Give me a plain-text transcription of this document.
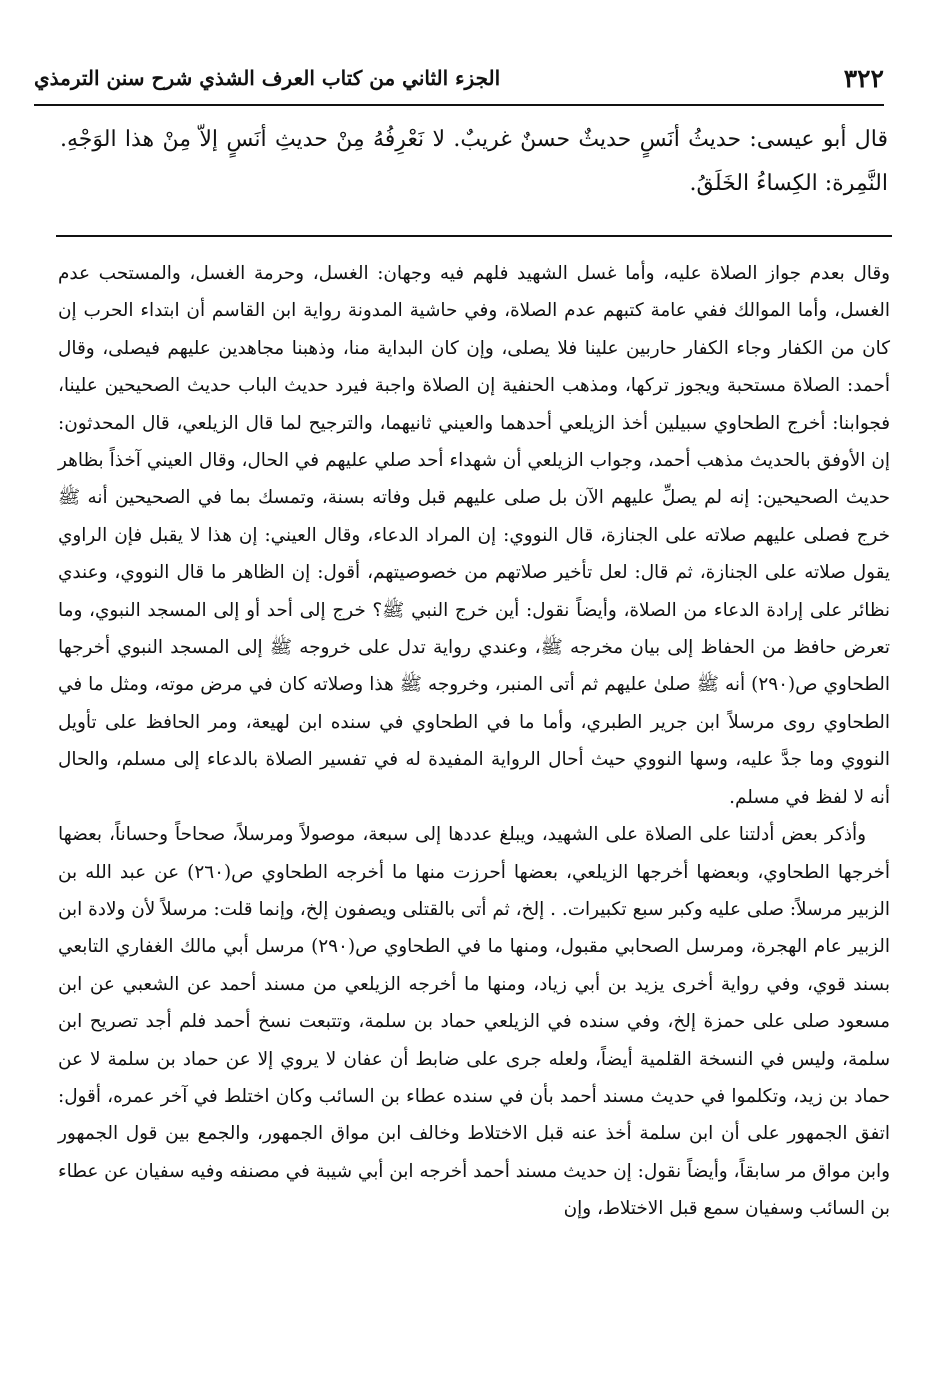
٣٢٢
الجزء الثاني من كتاب العرف الشذي شرح سنن الترمذي

قال أبو عيسى: حديثُ أنَسٍ حديثٌ حسنٌ غريبٌ. لا نَعْرِفُهُ مِنْ حديثِ أنَسٍ إلاّ مِنْ هذا الوَجْهِ. النَّمِرة: الكِساءُ الخَلَقُ.

وقال بعدم جواز الصلاة عليه، وأما غسل الشهيد فلهم فيه وجهان: الغسل، وحرمة الغسل، والمستحب عدم الغسل، وأما الموالك ففي عامة كتبهم عدم الصلاة، وفي حاشية المدونة رواية ابن القاسم أن ابتداء الحرب إن كان من الكفار وجاء الكفار حاربين علينا فلا يصلى، وإن كان البداية منا، وذهبنا مجاهدين عليهم فيصلى، وقال أحمد: الصلاة مستحبة ويجوز تركها، ومذهب الحنفية إن الصلاة واجبة فيرد حديث الباب حديث الصحيحين علينا، فجوابنا: أخرج الطحاوي سبيلين أخذ الزيلعي أحدهما والعيني ثانيهما، والترجيح لما قال الزيلعي، قال المحدثون: إن الأوفق بالحديث مذهب أحمد، وجواب الزيلعي أن شهداء أحد صلي عليهم في الحال، وقال العيني آخذاً بظاهر حديث الصحيحين: إنه لم يصلِّ عليهم الآن بل صلى عليهم قبل وفاته بسنة، وتمسك بما في الصحيحين أنه ﷺ خرج فصلى عليهم صلاته على الجنازة، قال النووي: إن المراد الدعاء، وقال العيني: إن هذا لا يقبل فإن الراوي يقول صلاته على الجنازة، ثم قال: لعل تأخير صلاتهم من خصوصيتهم، أقول: إن الظاهر ما قال النووي، وعندي نظائر على إرادة الدعاء من الصلاة، وأيضاً نقول: أين خرج النبي ﷺ؟ خرج إلى أحد أو إلى المسجد النبوي، وما تعرض حافظ من الحفاظ إلى بيان مخرجه ﷺ، وعندي رواية تدل على خروجه ﷺ إلى المسجد النبوي أخرجها الطحاوي ص(٢٩٠) أنه ﷺ صلىٰ عليهم ثم أتى المنبر، وخروجه ﷺ هذا وصلاته كان في مرض موته، ومثل ما في الطحاوي روى مرسلاً ابن جرير الطبري، وأما ما في الطحاوي في سنده ابن لهيعة، ومر الحافظ على تأويل النووي وما جدَّ عليه، وسها النووي حيث أحال الرواية المفيدة له في تفسير الصلاة بالدعاء إلى مسلم، والحال أنه لا لفظ في مسلم.

وأذكر بعض أدلتنا على الصلاة على الشهيد، ويبلغ عددها إلى سبعة، موصولاً ومرسلاً، صحاحاً وحساناً، بعضها أخرجها الطحاوي، وبعضها أخرجها الزيلعي، بعضها أحرزت منها ما أخرجه الطحاوي ص(٢٦٠) عن عبد الله بن الزبير مرسلاً: صلى عليه وكبر سبع تكبيرات. . إلخ، ثم أتى بالقتلى ويصفون إلخ، وإنما قلت: مرسلاً لأن ولادة ابن الزبير عام الهجرة، ومرسل الصحابي مقبول، ومنها ما في الطحاوي ص(٢٩٠) مرسل أبي مالك الغفاري التابعي بسند قوي، وفي رواية أخرى يزيد بن أبي زياد، ومنها ما أخرجه الزيلعي من مسند أحمد عن الشعبي عن ابن مسعود صلى على حمزة إلخ، وفي سنده في الزيلعي حماد بن سلمة، وتتبعت نسخ أحمد فلم أجد تصريح ابن سلمة، وليس في النسخة القلمية أيضاً، ولعله جرى على ضابط أن عفان لا يروي إلا عن حماد بن سلمة لا عن حماد بن زيد، وتكلموا في حديث مسند أحمد بأن في سنده عطاء بن السائب وكان اختلط في آخر عمره، أقول: اتفق الجمهور على أن ابن سلمة أخذ عنه قبل الاختلاط وخالف ابن مواق الجمهور، والجمع بين قول الجمهور وابن مواق مر سابقاً، وأيضاً نقول: إن حديث مسند أحمد أخرجه ابن أبي شيبة في مصنفه وفيه سفيان عن عطاء بن السائب وسفيان سمع قبل الاختلاط، وإن
